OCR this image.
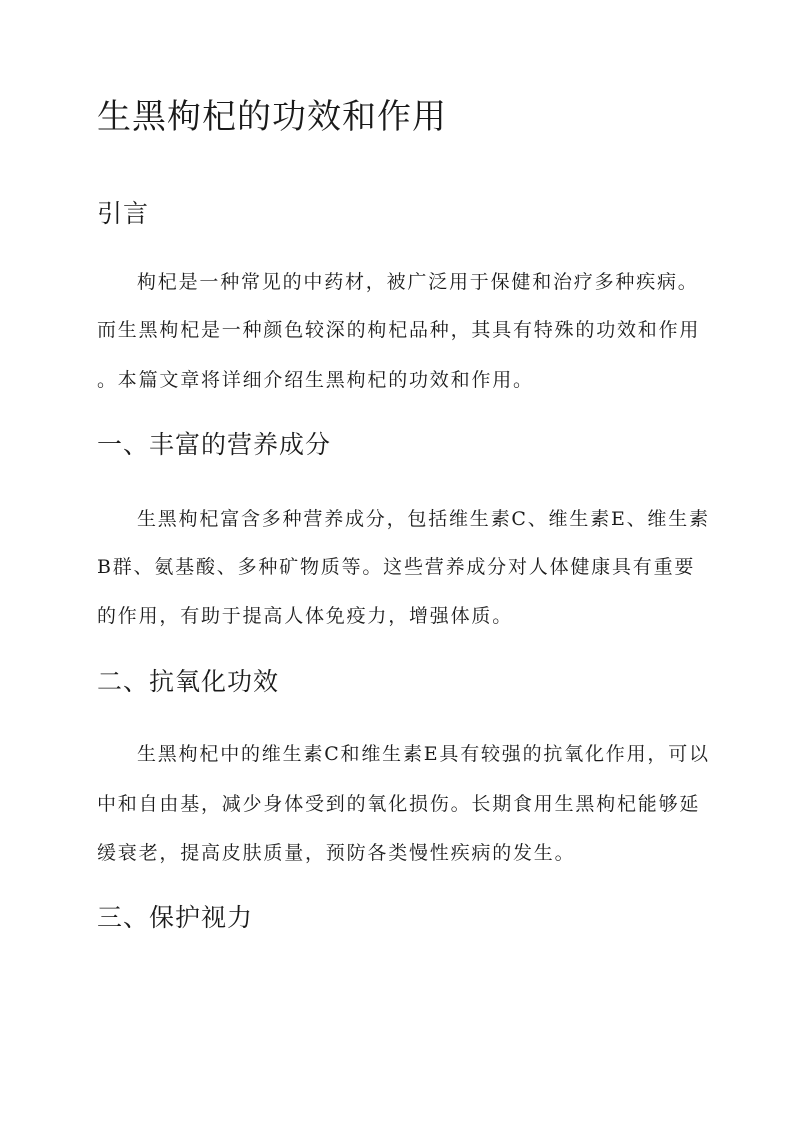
生黑枸杞的功效和作用
引言

枸杞是一种常见的中药材，被广泛用于保健和治疗多种疾病。

而生黑枸杞是一种颜色较深的枸杞品种，其具有特殊的功效和作用

。本篇文章将详细介绍生黑枸杞的功效和作用。

一、丰富的营养成分

生黑枸杞富含多种营养成分，包括维生素C、维生素E、维生素

B群、氨基酸、多种矿物质等。这些营养成分对人体健康具有重要

的作用，有助于提高人体免疫力，增强体质。

二、抗氧化功效

生黑枸杞中的维生素C和维生素E具有较强的抗氧化作用，可以

中和自由基，减少身体受到的氧化损伤。长期食用生黑枸杞能够延

缓衰老，提高皮肤质量，预防各类慢性疾病的发生。

三、保护视力
